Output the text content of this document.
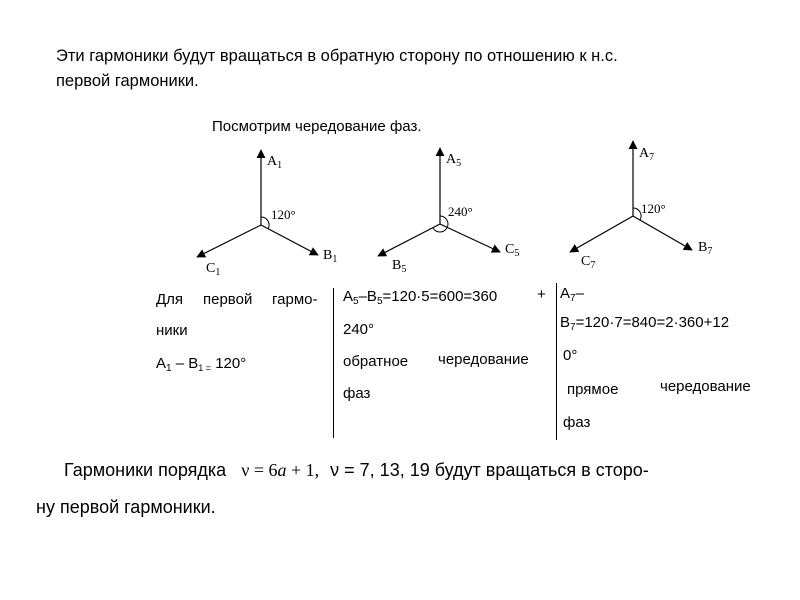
Эти гармоники будут вращаться в обратную сторону по отношению к н.с.
первой гармоники.
Посмотрим чередование фаз.
$A_1$
$B_1$
$C_1$
120°
$A_5$
$C_5$
$B_5$
240°
$A_7$
$B_7$
$C_7$
120°
Для первой гармо-
ники
$A_1 - B_{1 =}$ 120°
$A_5-B_5=120\cdot 5=600=360$	+
240°
обратное чередование
фаз
$A_7-$
$B_7=120\cdot 7=840=2\cdot 360+12$
0°
прямое	чередование
фаз
Гармоники порядка ν = 6a + 1, ν = 7, 13, 19 будут вращаться в сторо-
ну первой гармоники.
